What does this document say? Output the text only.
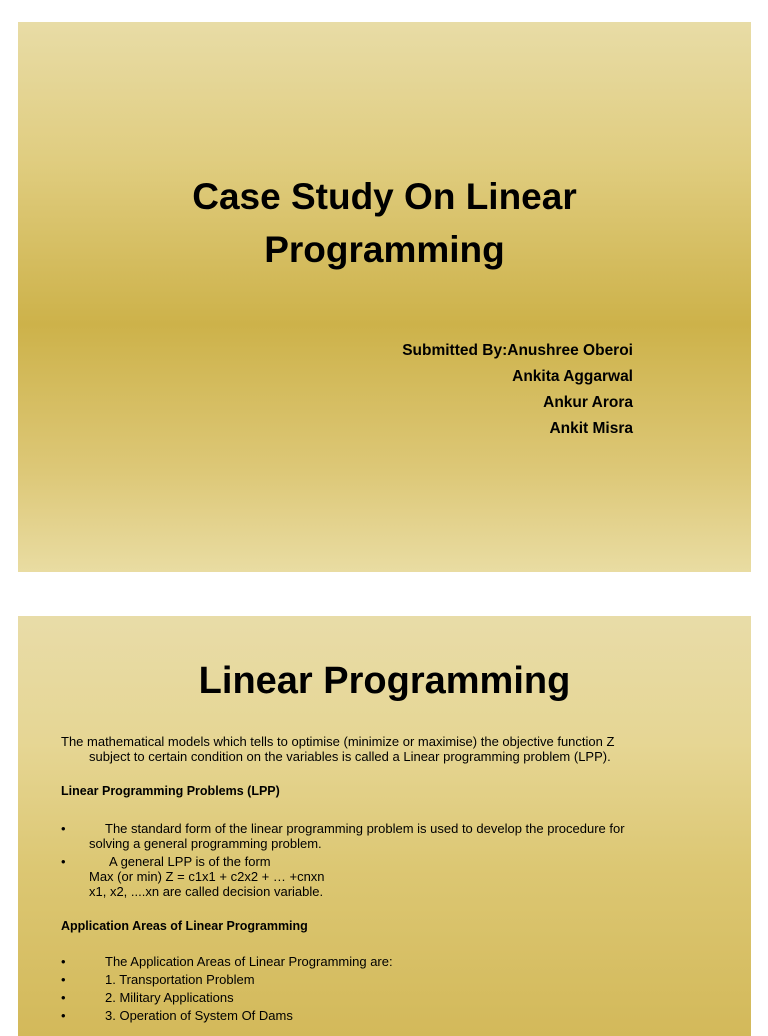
Case Study On Linear
Programming
Submitted By:Anushree Oberoi
Ankita Aggarwal
Ankur Arora
Ankit Misra
Linear Programming

The mathematical models which tells to optimise (minimize or maximise) the objective function Z
subject to certain condition on the variables is called a Linear programming problem (LPP).

Linear Programming Problems (LPP)
•	The standard form of the linear programming problem is used to develop the procedure for
solving a general programming problem.
•	A general LPP is of the form
Max (or min) Z = c1x1 + c2x2 + … +cnxn
x1, x2, ....xn are called decision variable.
Application Areas of Linear Programming
•	The Application Areas of Linear Programming are:
•	1. Transportation Problem
•	2. Military Applications
•	3. Operation of System Of Dams
